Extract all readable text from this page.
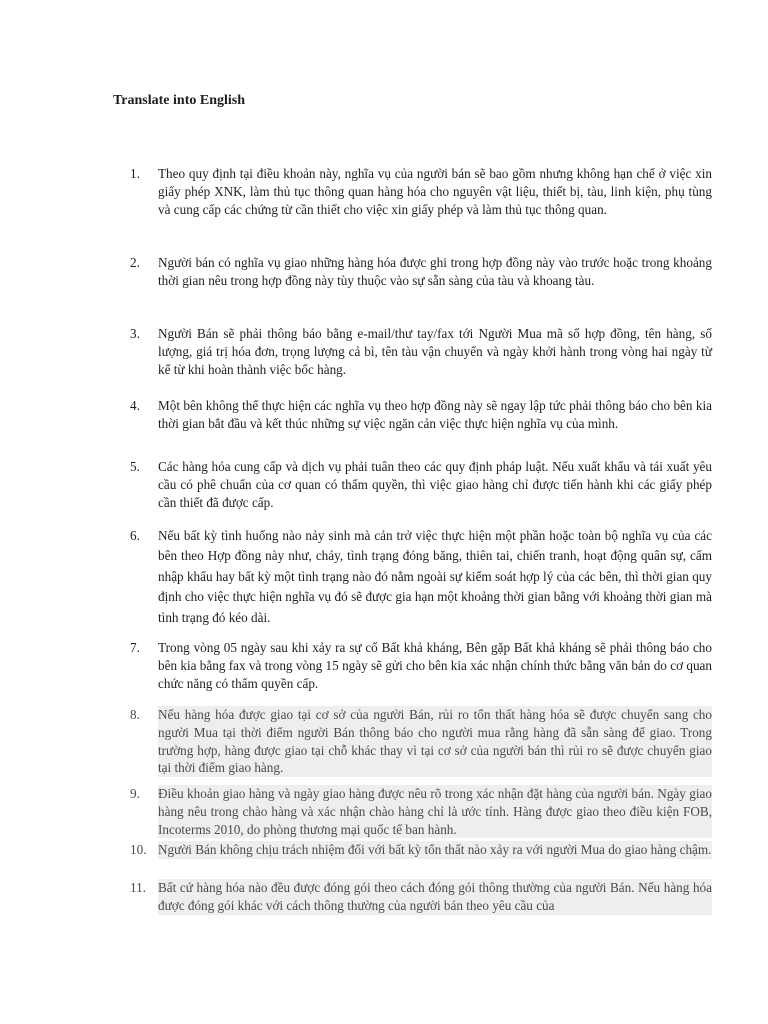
Translate into English
1.	Theo quy định tại điều khoản này, nghĩa vụ của người bán sẽ bao gồm nhưng không hạn chế ở việc xin giấy phép XNK, làm thủ tục thông quan hàng hóa cho nguyên vật liệu, thiết bị, tàu, linh kiện, phụ tùng và cung cấp các chứng từ cần thiết cho việc xin giấy phép và làm thủ tục thông quan.
2.	Người bán có nghĩa vụ giao những hàng hóa được ghi trong hợp đồng này vào trước hoặc trong khoảng thời gian nêu trong hợp đồng này tùy thuộc vào sự sẵn sàng của tàu và khoang tàu.
3.	Người Bán sẽ phải thông báo bằng e-mail/thư tay/fax tới Người Mua mã số hợp đồng, tên hàng, số lượng, giá trị hóa đơn, trọng lượng cả bì, tên tàu vận chuyển và ngày khởi hành trong vòng hai ngày từ kể từ khi hoàn thành việc bốc hàng.
4.	Một bên không thể thực hiện các nghĩa vụ theo hợp đồng này sẽ ngay lập tức phải thông báo cho bên kia thời gian bắt đầu và kết thúc những sự việc ngăn cản việc thực hiện nghĩa vụ của mình.
5.	Các hàng hóa cung cấp và dịch vụ phải tuân theo các quy định pháp luật. Nếu xuất khẩu và tái xuất yêu cầu có phê chuẩn của cơ quan có thẩm quyền, thì việc giao hàng chỉ được tiến hành khi các giấy phép cần thiết đã được cấp.
6.	Nếu bất kỳ tình huống nào nảy sinh mà cản trở việc thực hiện một phần hoặc toàn bộ nghĩa vụ của các bên theo Hợp đồng này như, cháy, tình trạng đóng băng, thiên tai, chiến tranh, hoạt động quân sự, cấm nhập khẩu hay bất kỳ một tình trạng nào đó nằm ngoài sự kiểm soát hợp lý của các bên, thì thời gian quy định cho việc thực hiện nghĩa vụ đó sẽ được gia hạn một khoảng thời gian bằng với khoảng thời gian mà tình trạng đó kéo dài.
7.	Trong vòng 05 ngày sau khi xảy ra sự cố Bất khả kháng, Bên gặp Bất khả kháng sẽ phải thông báo cho bên kia bằng fax và trong vòng 15 ngày sẽ gửi cho bên kia xác nhận chính thức bằng văn bản do cơ quan chức năng có thẩm quyền cấp.
8.	Nếu hàng hóa được giao tại cơ sở của người Bán, rủi ro tổn thất hàng hóa sẽ được chuyển sang cho người Mua tại thời điểm người Bán thông báo cho người mua rằng hàng đã sẵn sàng để giao. Trong trường hợp, hàng được giao tại chỗ khác thay vì tại cơ sở của người bán thì rủi ro sẽ được chuyển giao tại thời điểm giao hàng.
9.	Điều khoản giao hàng và ngày giao hàng được nêu rõ trong xác nhận đặt hàng của người bán. Ngày giao hàng nêu trong chào hàng và xác nhận chào hàng chỉ là ước tính. Hàng được giao theo điều kiện FOB, Incoterms 2010, do phòng thương mại quốc tế ban hành.
10. Người Bán không chịu trách nhiệm đối với bất kỳ tổn thất nào xảy ra với người Mua do giao hàng chậm.
11. Bất cứ hàng hóa nào đều được đóng gói theo cách đóng gói thông thường của người Bán. Nếu hàng hóa được đóng gói khác với cách thông thường của người bán theo yêu cầu của
